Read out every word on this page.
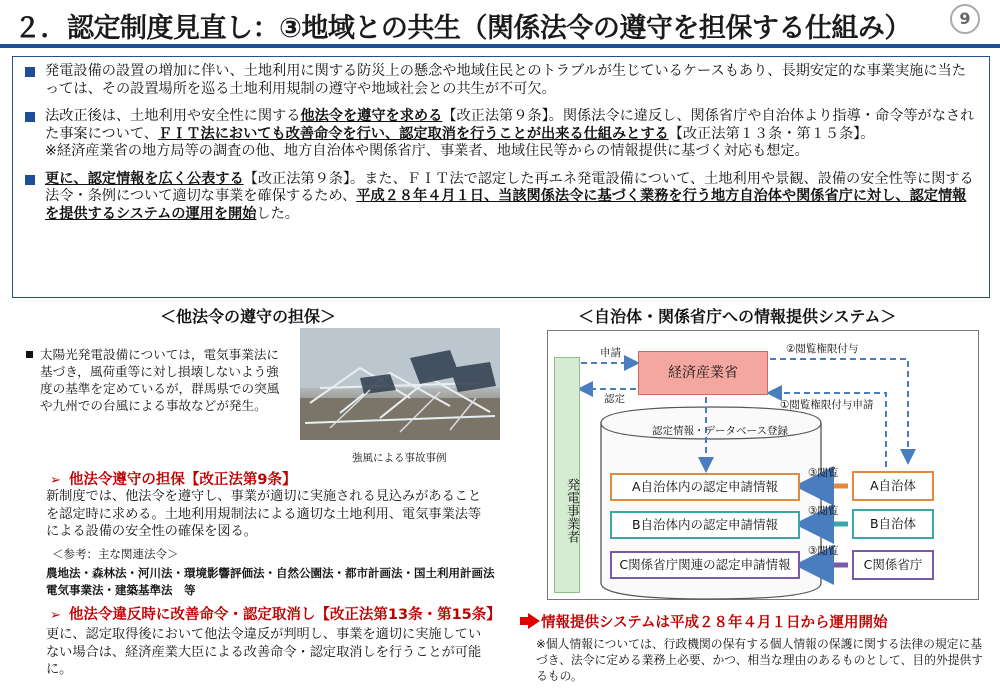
２．認定制度見直し：③地域との共生（関係法令の遵守を担保する仕組み）	9
発電設備の設置の増加に伴い、土地利用に関する防災上の懸念や地域住民とのトラブルが生じているケースもあり、長期安定的な事業実施に当たっては、その設置場所を巡る土地利用規制の遵守や地域社会との共生が不可欠。
法改正後は、土地利用や安全性に関する他法令を遵守を求める【改正法第９条】。関係法令に違反し、関係省庁や自治体より指導・命令等がなされた事案について、ＦＩＴ法においても改善命令を行い、認定取消を行うことが出来る仕組みとする【改正法第１３条・第１５条】。
※経済産業省の地方局等の調査の他、地方自治体や関係省庁、事業者、地域住民等からの情報提供に基づく対応も想定。
更に、認定情報を広く公表する【改正法第９条】。また、ＦＩＴ法で認定した再エネ発電設備について、土地利用や景観、設備の安全性等に関する法令・条例について適切な事業を確保するため、平成２８年４月１日、当該関係法令に基づく業務を行う地方自治体や関係省庁に対し、認定情報を提供するシステムの運用を開始した。
＜他法令の遵守の担保＞
太陽光発電設備については，電気事業法に基づき，風荷重等に対し損壊しないよう強度の基準を定めているが，群馬県での突風や九州での台風による事故などが発生。
強風による事故事例
➢ 他法令遵守の担保【改正法第9条】
新制度では、他法令を遵守し、事業が適切に実施される見込みがあることを認定時に求める。土地利用規制法による適切な土地利用、電気事業法等による設備の安全性の確保を図る。
＜参考：主な関連法令＞
農地法・森林法・河川法・環境影響評価法・自然公園法・都市計画法・国土利用計画法
電気事業法・建築基準法　等
➢ 他法令違反時に改善命令・認定取消し【改正法第13条・第15条】
更に、認定取得後において他法令違反が判明し、事業を適切に実施していない場合は、経済産業大臣による改善命令・認定取消しを行うことが可能に。
＜自治体・関係省庁への情報提供システム＞
発電事業者
経済産業省
申請
認定
②閲覧権限付与
①閲覧権限付与申請
認定情報・データベース登録
③閲覧
③閲覧
③閲覧
A自治体内の認定申請情報
B自治体内の認定申請情報
C関係省庁関連の認定申請情報
A自治体
B自治体
C関係省庁
情報提供システムは平成２８年４月１日から運用開始
※個人情報については、行政機関の保有する個人情報の保護に関する法律の規定に基づき、法令に定める業務上必要、かつ、相当な理由のあるものとして、目的外提供するもの。
